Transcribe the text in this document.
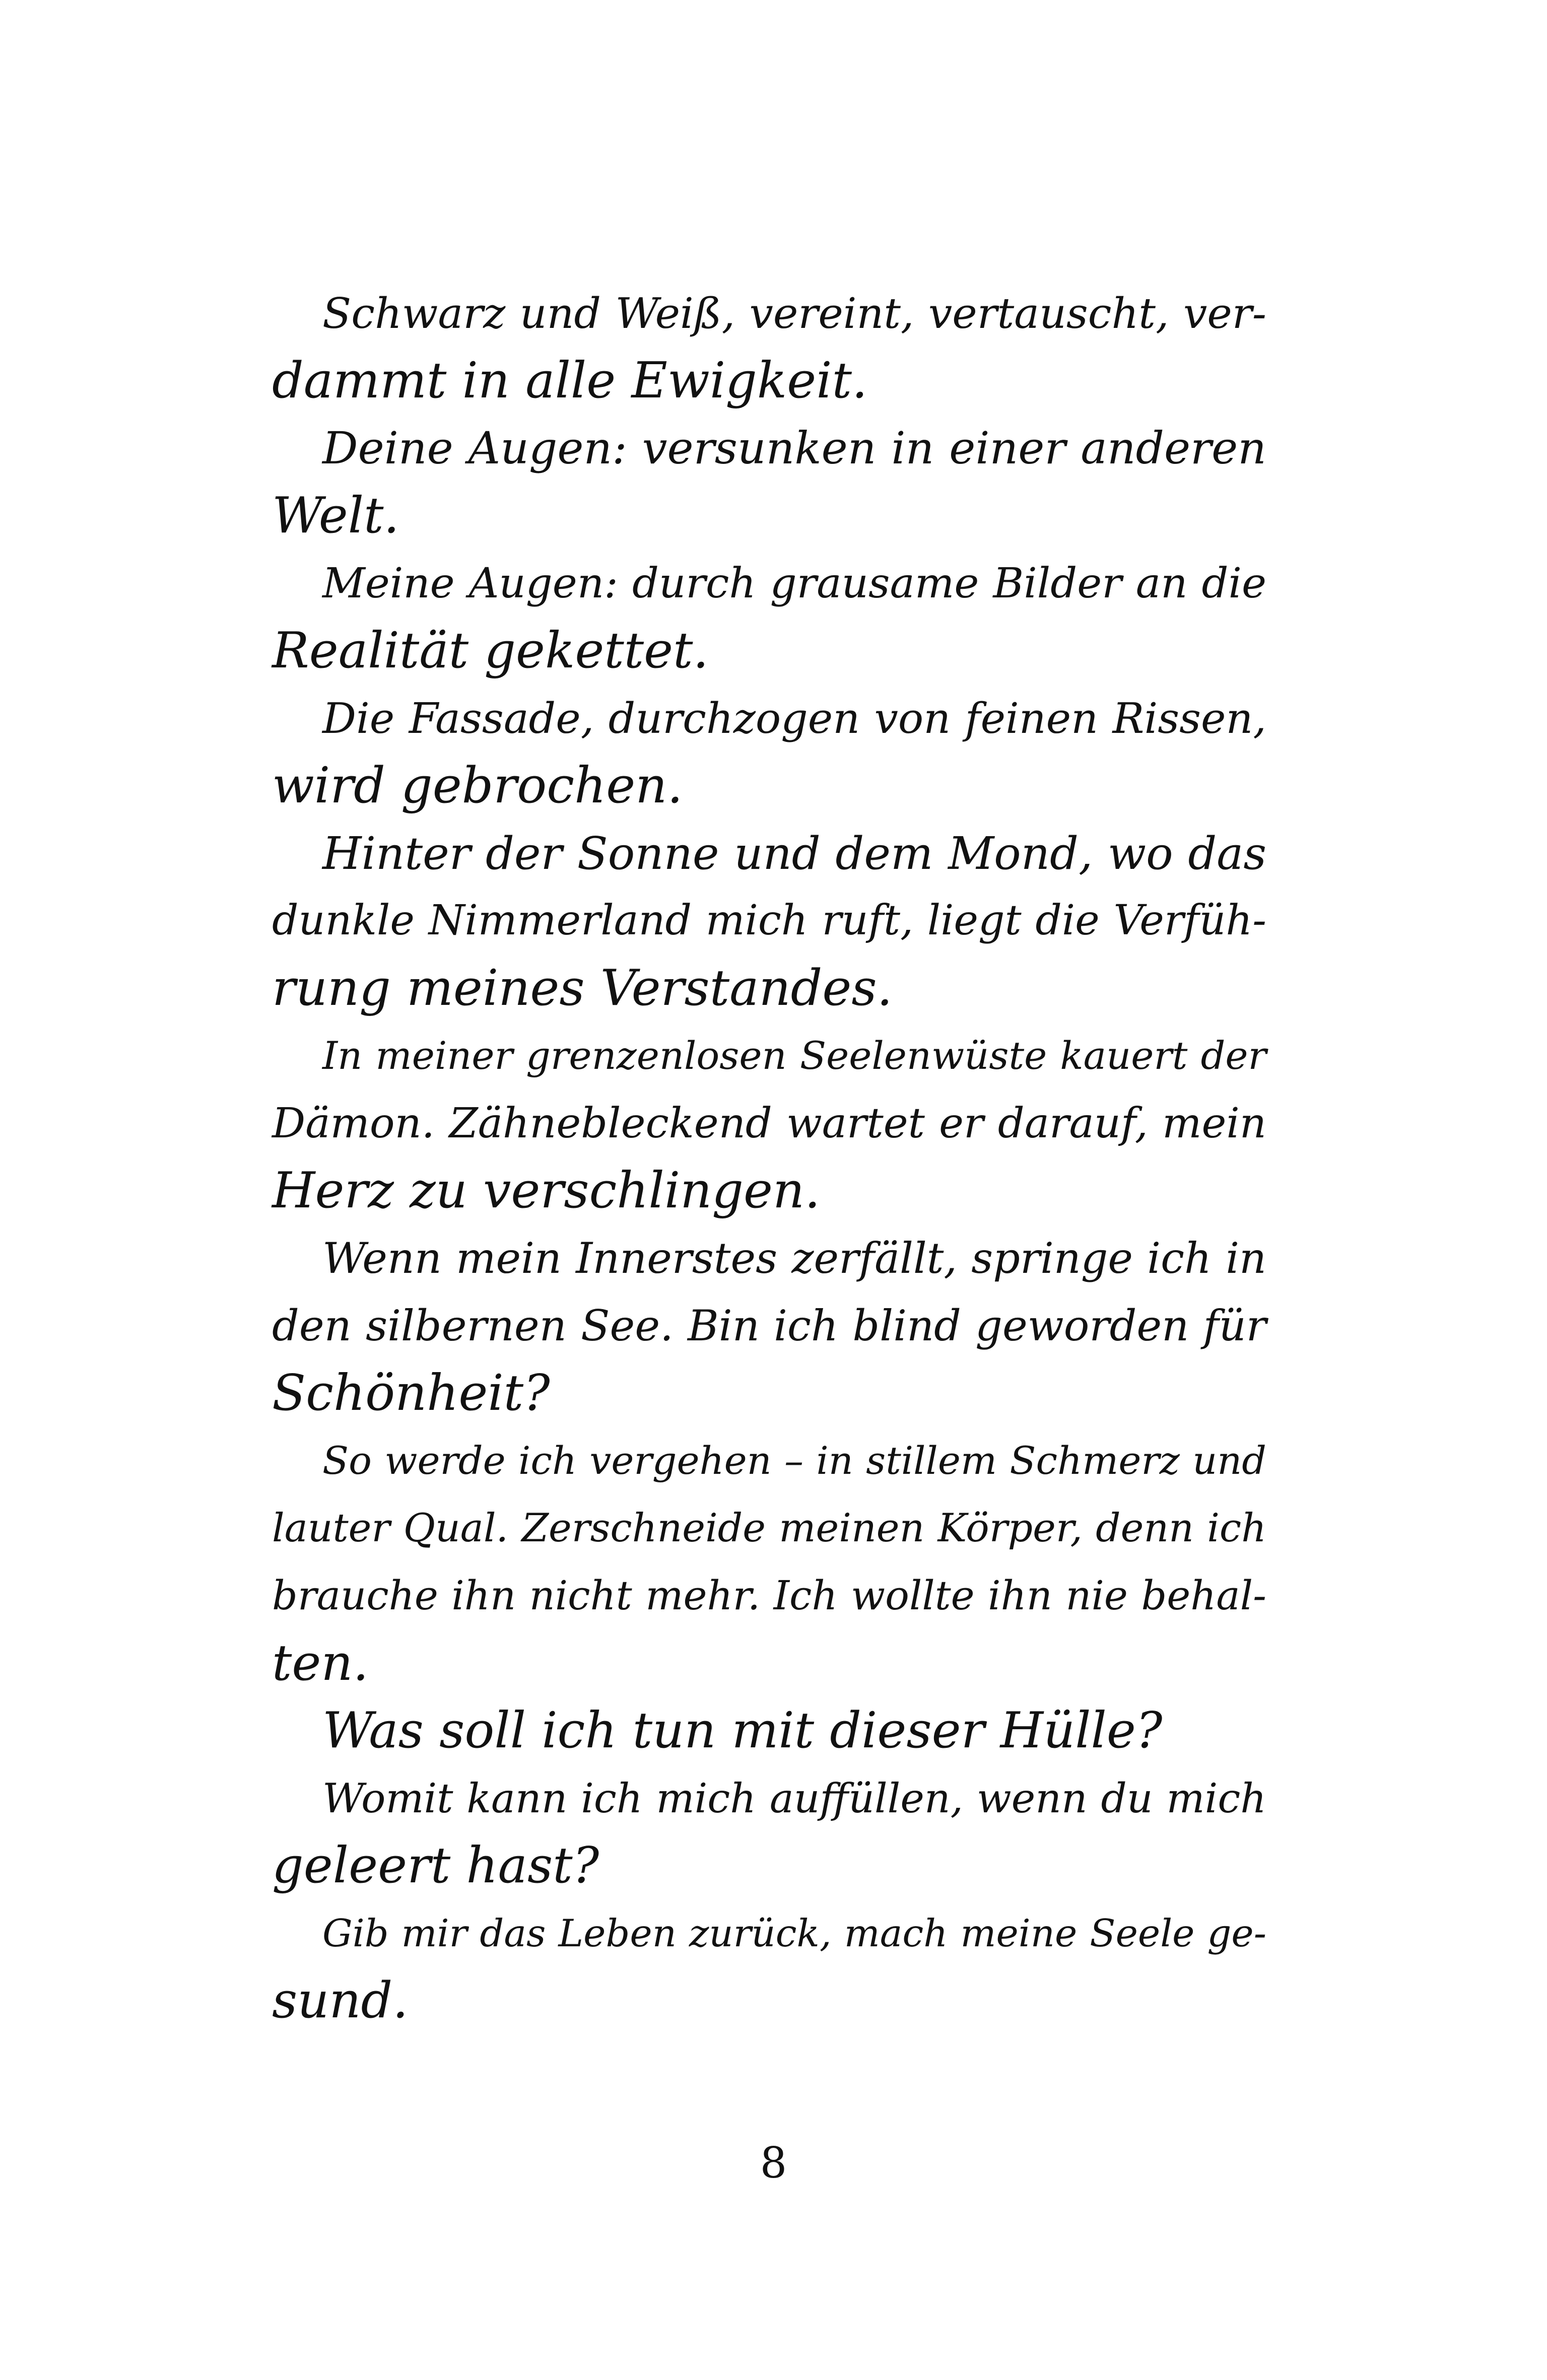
Schwarz und Weiß, vereint, vertauscht, ver-
dammt in alle Ewigkeit.
Deine Augen: versunken in einer anderen
Welt.
Meine Augen: durch grausame Bilder an die
Realität gekettet.
Die Fassade, durchzogen von feinen Rissen,
wird gebrochen.
Hinter der Sonne und dem Mond, wo das
dunkle Nimmerland mich ruft, liegt die Verfüh-
rung meines Verstandes.
In meiner grenzenlosen Seelenwüste kauert der
Dämon. Zähnebleckend wartet er darauf, mein
Herz zu verschlingen.
Wenn mein Innerstes zerfällt, springe ich in
den silbernen See. Bin ich blind geworden für
Schönheit?
So werde ich vergehen – in stillem Schmerz und
lauter Qual. Zerschneide meinen Körper, denn ich
brauche ihn nicht mehr. Ich wollte ihn nie behal-
ten.
Was soll ich tun mit dieser Hülle?
Womit kann ich mich auffüllen, wenn du mich
geleert hast?
Gib mir das Leben zurück, mach meine Seele ge-
sund.
8
